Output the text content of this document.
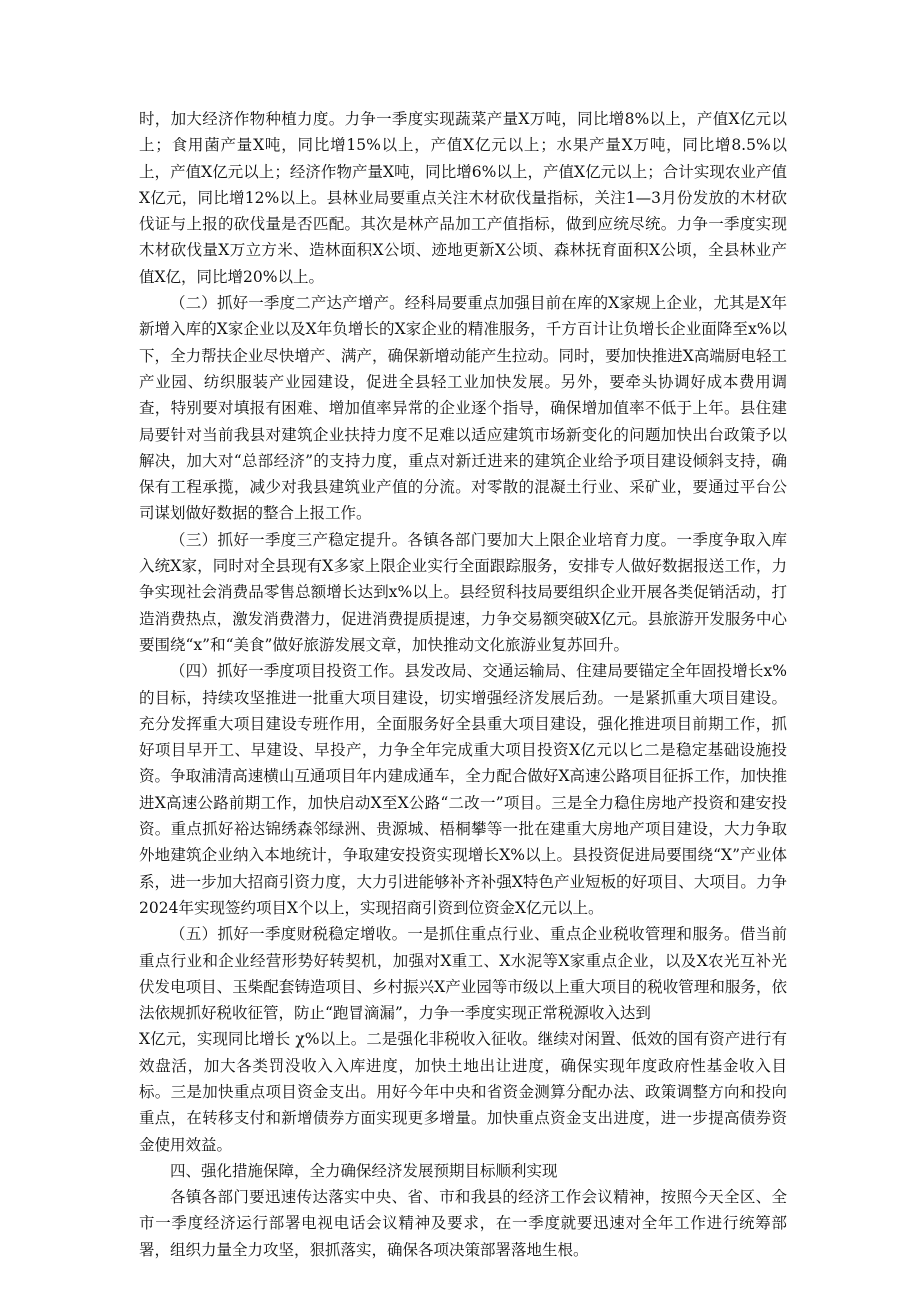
时，加大经济作物种植力度。力争一季度实现蔬菜产量X万吨，同比增8%以上，产值X亿元以上；食用菌产量X吨，同比增15%以上，产值X亿元以上；水果产量X万吨，同比增8.5%以上，产值X亿元以上；经济作物产量X吨，同比增6%以上，产值X亿元以上；合计实现农业产值X亿元，同比增12%以上。县林业局要重点关注木材砍伐量指标，关注1—3月份发放的木材砍伐证与上报的砍伐量是否匹配。其次是林产品加工产值指标，做到应统尽统。力争一季度实现木材砍伐量X万立方米、造林面积X公顷、迹地更新X公顷、森林抚育面积X公顷，全县林业产值X亿，同比增20%以上。

（二）抓好一季度二产达产增产。经科局要重点加强目前在库的X家规上企业，尤其是X年新增入库的X家企业以及X年负增长的X家企业的精准服务，千方百计让负增长企业面降至x%以下，全力帮扶企业尽快增产、满产，确保新增动能产生拉动。同时，要加快推进X高端厨电轻工产业园、纺织服装产业园建设，促进全县轻工业加快发展。另外，要牵头协调好成本费用调查，特别要对填报有困难、增加值率异常的企业逐个指导，确保增加值率不低于上年。县住建局要针对当前我县对建筑企业扶持力度不足难以适应建筑市场新变化的问题加快出台政策予以解决，加大对“总部经济”的支持力度，重点对新迁进来的建筑企业给予项目建设倾斜支持，确保有工程承揽，减少对我县建筑业产值的分流。对零散的混凝土行业、采矿业，要通过平台公司谋划做好数据的整合上报工作。

（三）抓好一季度三产稳定提升。各镇各部门要加大上限企业培育力度。一季度争取入库入统X家，同时对全县现有X多家上限企业实行全面跟踪服务，安排专人做好数据报送工作，力争实现社会消费品零售总额增长达到x%以上。县经贸科技局要组织企业开展各类促销活动，打造消费热点，激发消费潜力，促进消费提质提速，力争交易额突破X亿元。县旅游开发服务中心要围绕“x”和“美食”做好旅游发展文章，加快推动文化旅游业复苏回升。

（四）抓好一季度项目投资工作。县发改局、交通运输局、住建局要锚定全年固投增长x%的目标，持续攻坚推进一批重大项目建设，切实增强经济发展后劲。一是紧抓重大项目建设。充分发挥重大项目建设专班作用，全面服务好全县重大项目建设，强化推进项目前期工作，抓好项目早开工、早建设、早投产，力争全年完成重大项目投资X亿元以匕二是稳定基础设施投资。争取浦清高速横山互通项目年内建成通车，全力配合做好X高速公路项目征拆工作，加快推进X高速公路前期工作，加快启动X至X公路“二改一”项目。三是全力稳住房地产投资和建安投资。重点抓好裕达锦绣森邻绿洲、贵源城、梧桐攀等一批在建重大房地产项目建设，大力争取外地建筑企业纳入本地统计，争取建安投资实现增长X%以上。县投资促进局要围绕“X”产业体系，进一步加大招商引资力度，大力引进能够补齐补强X特色产业短板的好项目、大项目。力争2024年实现签约项目X个以上，实现招商引资到位资金X亿元以上。

（五）抓好一季度财税稳定增收。一是抓住重点行业、重点企业税收管理和服务。借当前重点行业和企业经营形势好转契机，加强对X重工、X水泥等X家重点企业，以及X农光互补光伏发电项目、玉柴配套铸造项目、乡村振兴X产业园等市级以上重大项目的税收管理和服务，依法依规抓好税收征管，防止“跑冒滴漏”，力争一季度实现正常税源收入达到

X亿元，实现同比增长 χ%以上。二是强化非税收入征收。继续对闲置、低效的国有资产进行有效盘活，加大各类罚没收入入库进度，加快土地出让进度，确保实现年度政府性基金收入目标。三是加快重点项目资金支出。用好今年中央和省资金测算分配办法、政策调整方向和投向重点，在转移支付和新增债券方面实现更多增量。加快重点资金支出进度，进一步提高债券资金使用效益。

四、强化措施保障，全力确保经济发展预期目标顺利实现

各镇各部门要迅速传达落实中央、省、市和我县的经济工作会议精神，按照今天全区、全市一季度经济运行部署电视电话会议精神及要求，在一季度就要迅速对全年工作进行统筹部署，组织力量全力攻坚，狠抓落实，确保各项决策部署落地生根。
